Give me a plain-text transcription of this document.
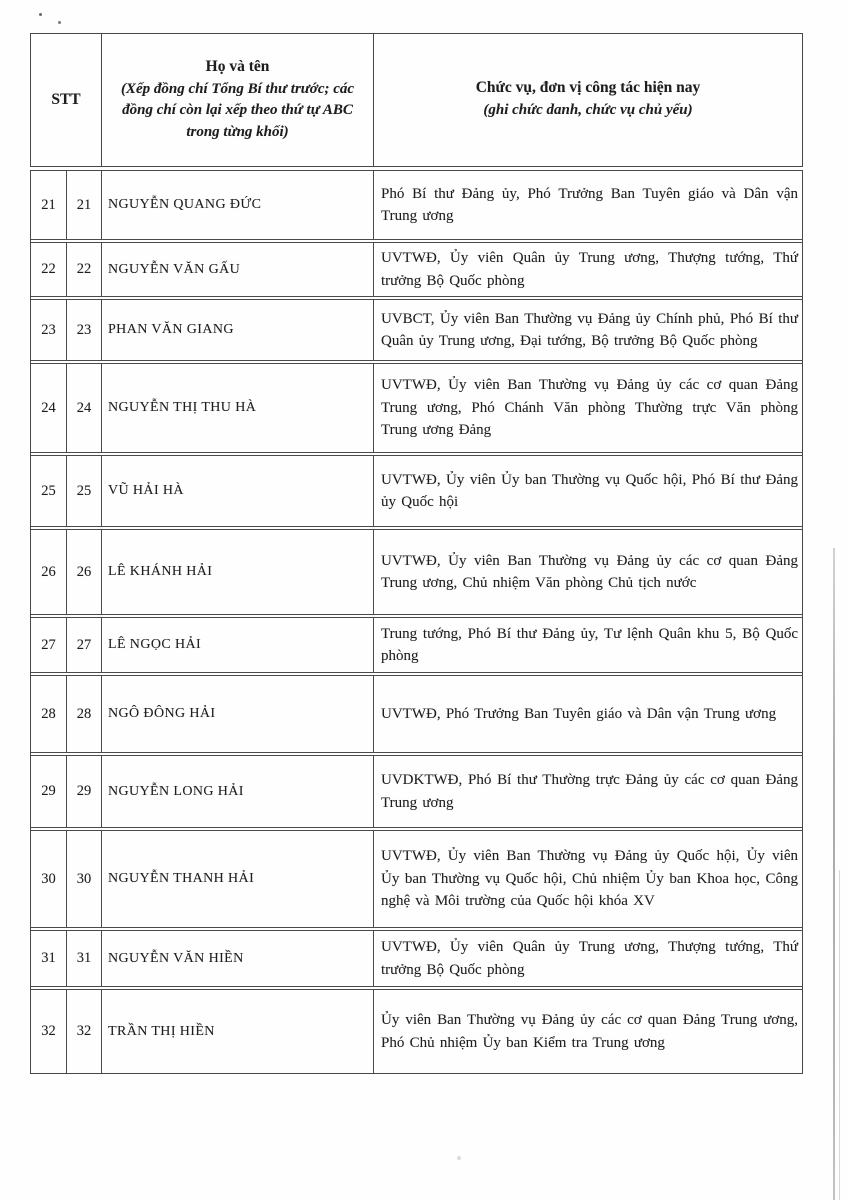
STT
Họ và tên
(Xếp đồng chí Tổng Bí thư trước; các đồng chí còn lại xếp theo thứ tự ABC trong từng khối)
Chức vụ, đơn vị công tác hiện nay
(ghi chức danh, chức vụ chủ yếu)
21 21 NGUYỄN QUANG ĐỨC
Phó Bí thư Đảng ủy, Phó Trưởng Ban Tuyên giáo và Dân vận Trung ương
22 22 NGUYỄN VĂN GẤU
UVTWĐ, Ủy viên Quân ủy Trung ương, Thượng tướng, Thứ trưởng Bộ Quốc phòng
23 23 PHAN VĂN GIANG
UVBCT, Ủy viên Ban Thường vụ Đảng ủy Chính phủ, Phó Bí thư Quân ủy Trung ương, Đại tướng, Bộ trưởng Bộ Quốc phòng
24 24 NGUYỄN THỊ THU HÀ
UVTWĐ, Ủy viên Ban Thường vụ Đảng ủy các cơ quan Đảng Trung ương, Phó Chánh Văn phòng Thường trực Văn phòng Trung ương Đảng
25 25 VŨ HẢI HÀ
UVTWĐ, Ủy viên Ủy ban Thường vụ Quốc hội, Phó Bí thư Đảng ủy Quốc hội
26 26 LÊ KHÁNH HẢI
UVTWĐ, Ủy viên Ban Thường vụ Đảng ủy các cơ quan Đảng Trung ương, Chủ nhiệm Văn phòng Chủ tịch nước
27 27 LÊ NGỌC HẢI
Trung tướng, Phó Bí thư Đảng ủy, Tư lệnh Quân khu 5, Bộ Quốc phòng
28 28 NGÔ ĐÔNG HẢI	UVTWĐ, Phó Trưởng Ban Tuyên giáo và Dân vận Trung ương
29 29 NGUYỄN LONG HẢI
UVDKTWĐ, Phó Bí thư Thường trực Đảng ủy các cơ quan Đảng Trung ương
30 30 NGUYỄN THANH HẢI
UVTWĐ, Ủy viên Ban Thường vụ Đảng ủy Quốc hội, Ủy viên Ủy ban Thường vụ Quốc hội, Chủ nhiệm Ủy ban Khoa học, Công nghệ và Môi trường của Quốc hội khóa XV
31 31 NGUYỄN VĂN HIỀN
UVTWĐ, Ủy viên Quân ủy Trung ương, Thượng tướng, Thứ trưởng Bộ Quốc phòng
32 32 TRẦN THỊ HIỀN
Ủy viên Ban Thường vụ Đảng ủy các cơ quan Đảng Trung ương, Phó Chủ nhiệm Ủy ban Kiểm tra Trung ương
